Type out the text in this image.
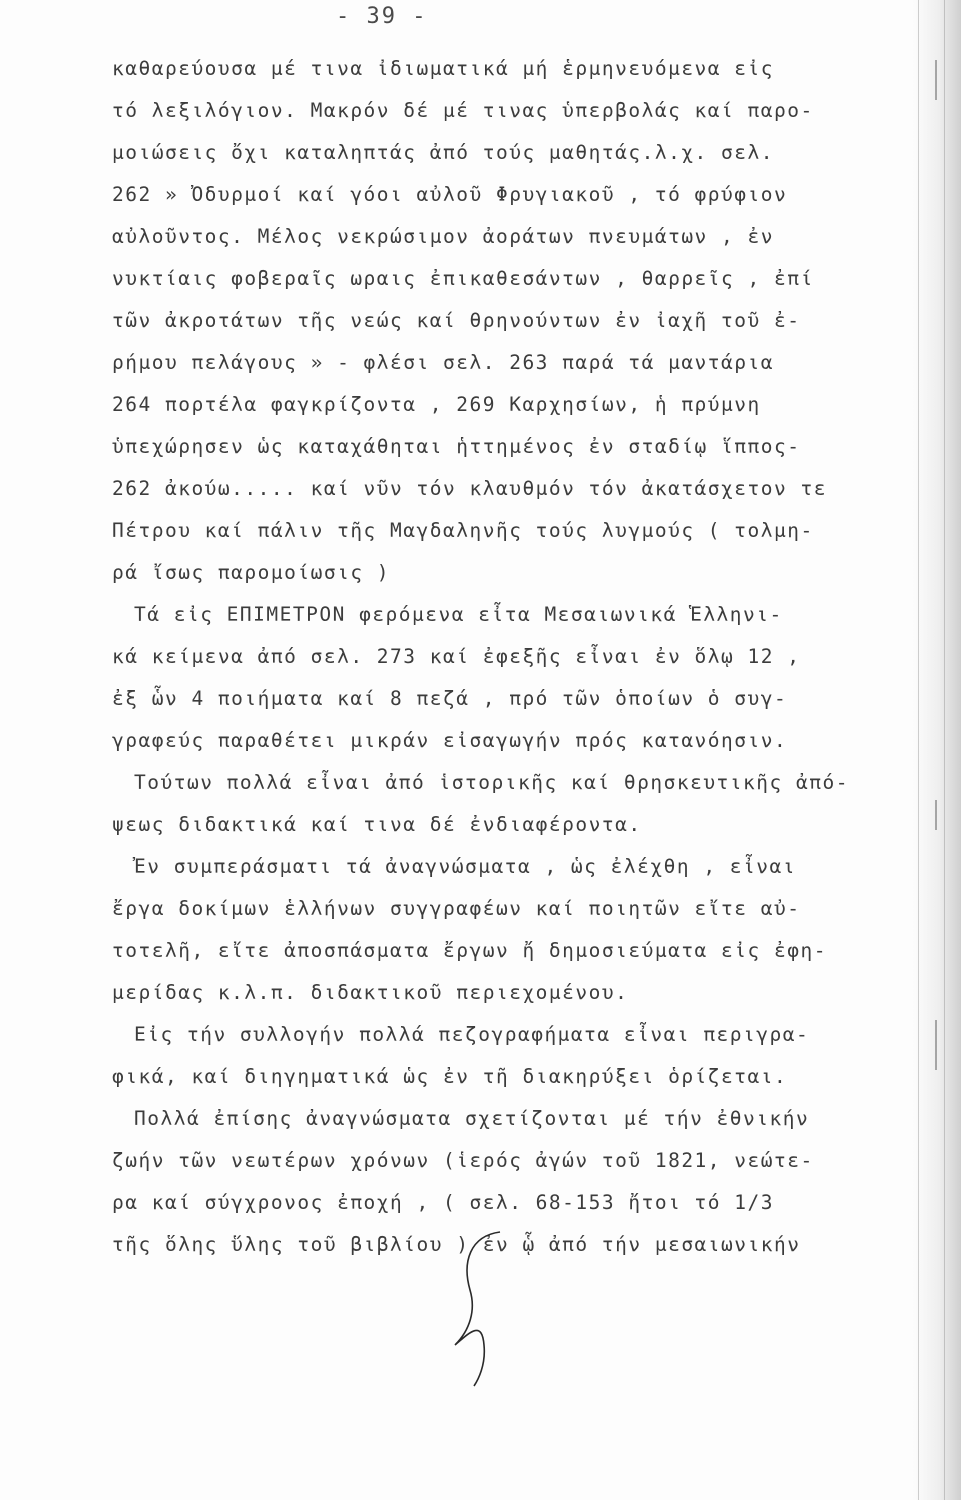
- 39 -
καθαρεύουσα μέ τινα ἰδιωματικά μή ἑρμηνευόμενα εἰς
τό λεξιλόγιον. Μακρόν δέ μέ τινας ὑπερβολάς καί παρο-
μοιώσεις ὄχι καταληπτάς ἀπό τούς μαθητάς.λ.χ. σελ.
262 » Ὀδυρμοί καί γόοι αὐλοῦ Φρυγιακοῦ , τό φρύφιον
αὐλοῦντος. Μέλος νεκρώσιμον ἀοράτων πνευμάτων , ἐν
νυκτίαις φοβεραῖς ωραις ἐπικαθεσάντων , θαρρεῖς , ἐπί
τῶν ἀκροτάτων τῆς νεώς καί θρηνούντων ἐν ἰαχῆ τοῦ ἐ-
ρήμου πελάγους » - φλέσι σελ. 263 παρά τά μαντάρια
264 πορτέλα φαγκρίζοντα , 269 Καρχησίων, ἡ πρύμνη
ὑπεχώρησεν ὡς καταχάθηται ἡττημένος ἐν σταδίῳ ἵππος-
262 ἀκούω..... καί νῦν τόν κλαυθμόν τόν ἀκατάσχετον τε
Πέτρου καί πάλιν τῆς Μαγδαληνῆς τούς λυγμούς ( τολμη-
ρά ἴσως παρομοίωσις )
Τά εἰς ΕΠΙΜΕΤΡΟΝ φερόμενα εἶτα Μεσαιωνικά Ἑλληνι-
κά κείμενα ἀπό σελ. 273 καί ἐφεξῆς εἶναι ἐν ὅλῳ 12 ,
ἐξ ὧν 4 ποιήματα καί 8 πεζά , πρό τῶν ὁποίων ὁ συγ-
γραφεύς παραθέτει μικράν εἰσαγωγήν πρός κατανόησιν.
Τούτων πολλά εἶναι ἀπό ἱστορικῆς καί θρησκευτικῆς ἀπό-
ψεως διδακτικά καί τινα δέ ἐνδιαφέροντα.
Ἐν συμπεράσματι τά ἀναγνώσματα , ὡς ἐλέχθη , εἶναι
ἔργα δοκίμων ἑλλήνων συγγραφέων καί ποιητῶν εἴτε αὐ-
τοτελῆ, εἴτε ἀποσπάσματα ἔργων ἤ δημοσιεύματα εἰς ἐφη-
μερίδας κ.λ.π. διδακτικοῦ περιεχομένου.
Εἰς τήν συλλογήν πολλά πεζογραφήματα εἶναι περιγρα-
φικά, καί διηγηματικά ὡς ἐν τῆ διακηρύξει ὁρίζεται.
Πολλά ἐπίσης ἀναγνώσματα σχετίζονται μέ τήν ἐθνικήν
ζωήν τῶν νεωτέρων χρόνων (ἱερός ἀγών τοῦ 1821, νεώτε-
ρα καί σύγχρονος ἐποχή , ( σελ. 68-153 ἤτοι τό 1/3
τῆς ὅλης ὕλης τοῦ βιβλίου ) ἐν ᾧ ἀπό τήν μεσαιωνικήν
